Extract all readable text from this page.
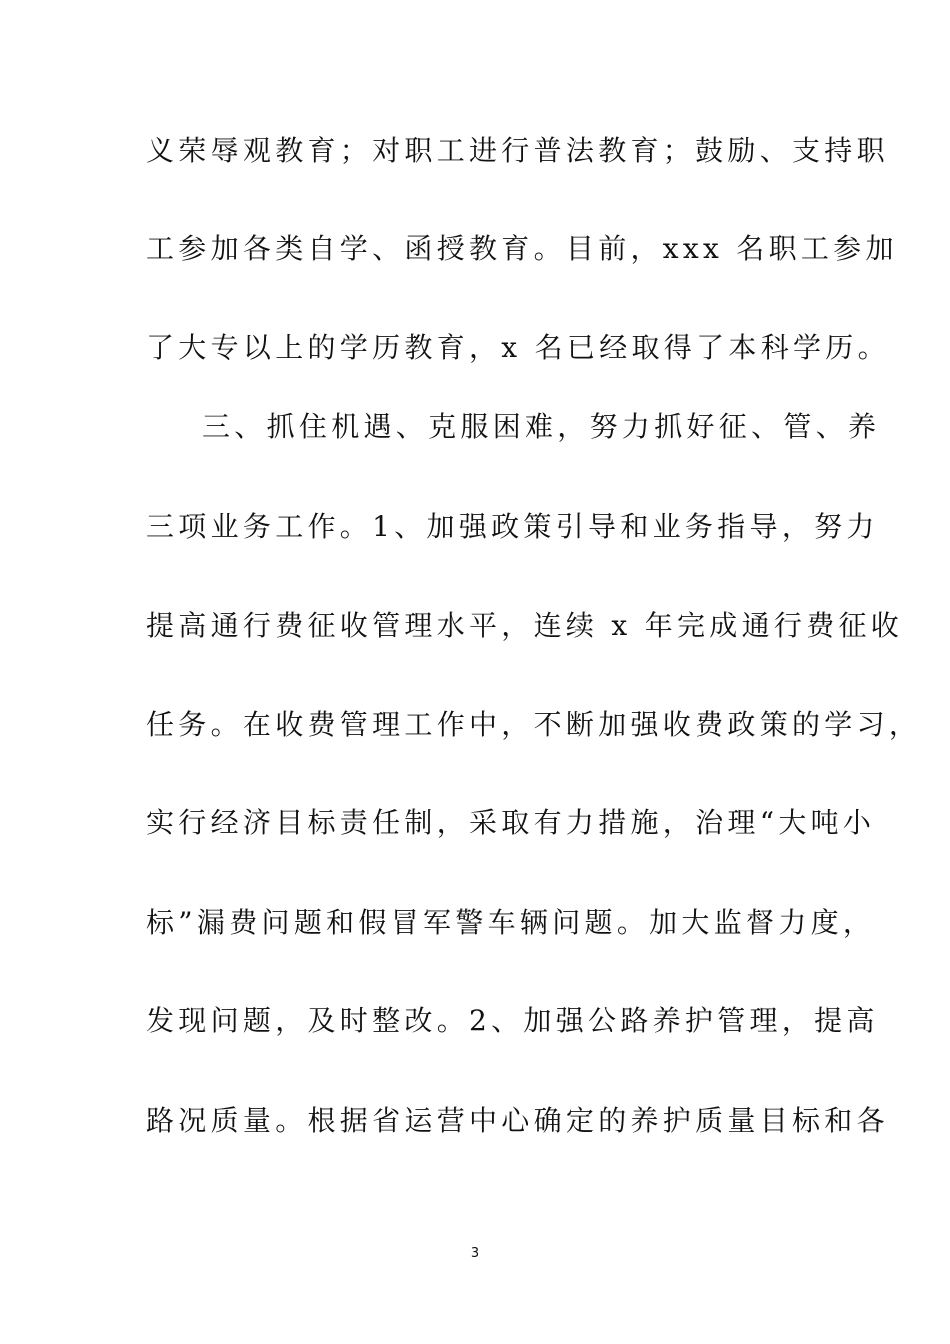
义荣辱观教育；对职工进行普法教育；鼓励、支持职
工参加各类自学、函授教育。目前，xxx 名职工参加
了大专以上的学历教育，x 名已经取得了本科学历。
三、抓住机遇、克服困难，努力抓好征、管、养
三项业务工作。1、加强政策引导和业务指导，努力
提高通行费征收管理水平，连续 x 年完成通行费征收
任务。在收费管理工作中，不断加强收费政策的学习，
实行经济目标责任制，采取有力措施，治理“大吨小
标”漏费问题和假冒军警车辆问题。加大监督力度，
发现问题，及时整改。2、加强公路养护管理，提高
路况质量。根据省运营中心确定的养护质量目标和各
3
